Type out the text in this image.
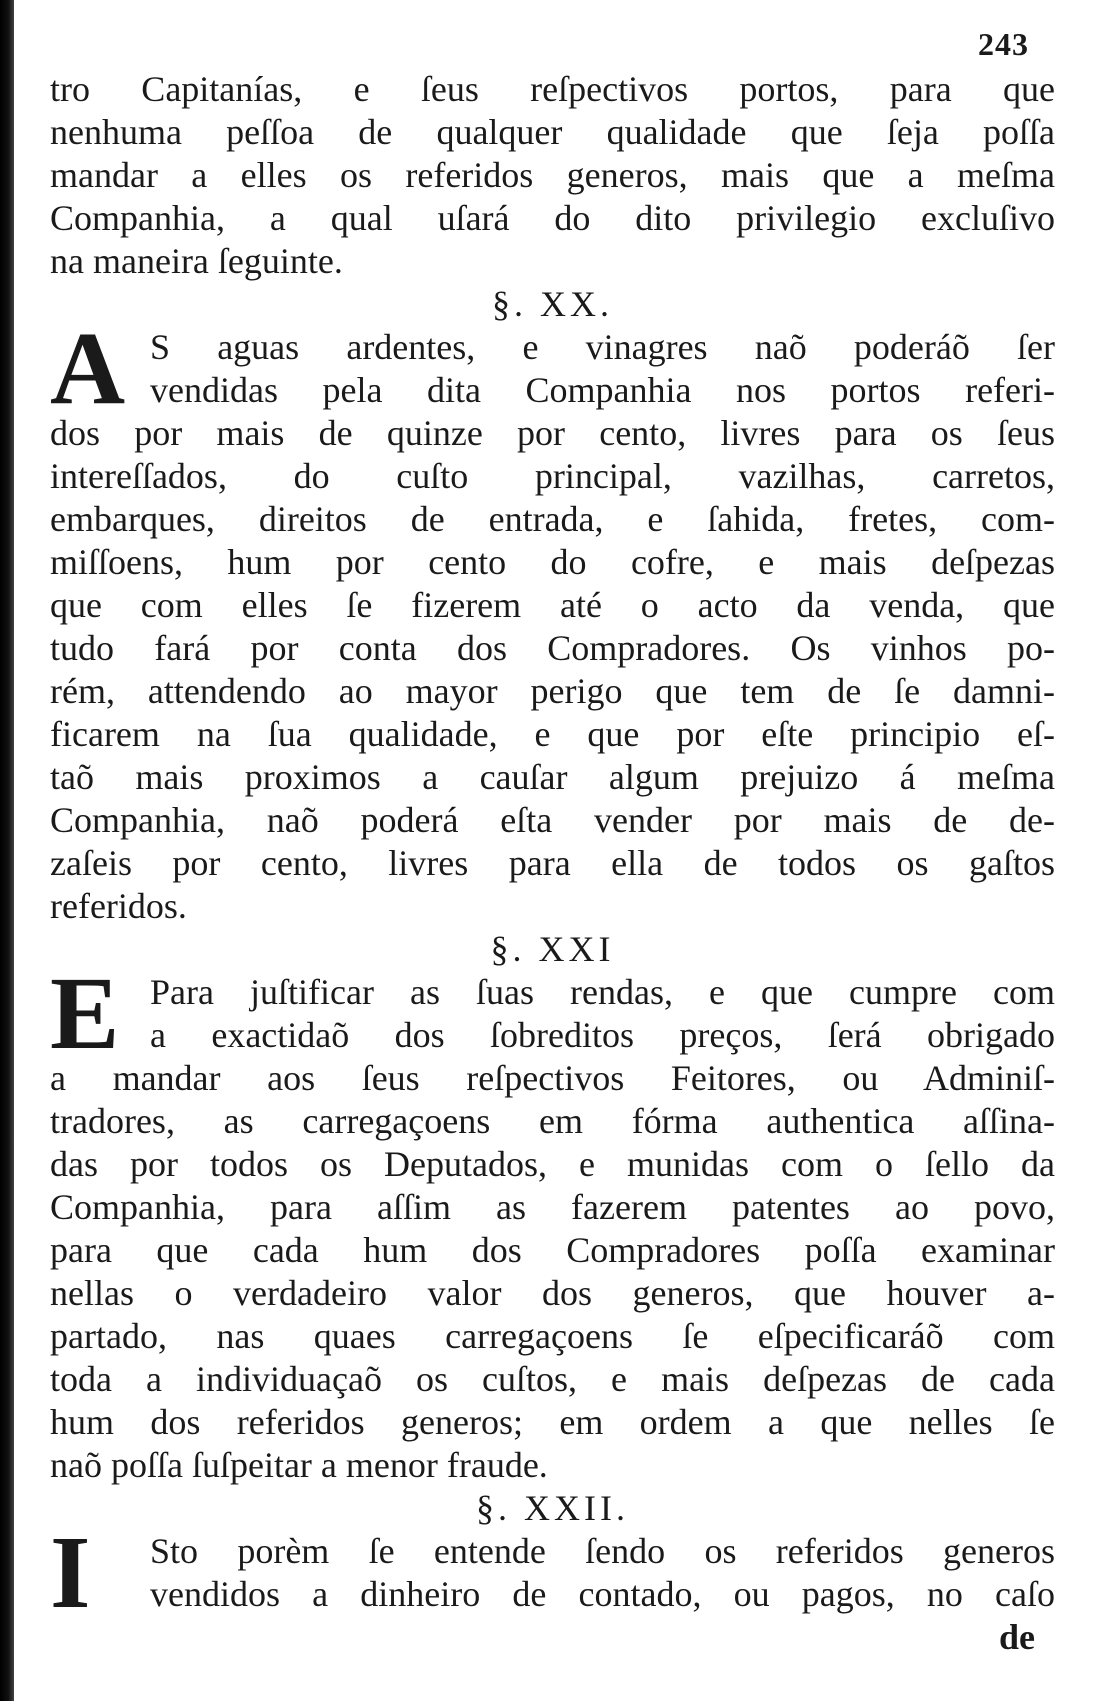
243
tro Capitanías, e ſeus reſpectivos portos, para que
nenhuma peſſoa de qualquer qualidade que ſeja poſſa
mandar a elles os referidos generos, mais que a meſma
Companhia, a qual uſará do dito privilegio excluſivo
na maneira ſeguinte.
§. XX.
A S aguas ardentes, e vinagres naõ poderáõ ſer
vendidas pela dita Companhia nos portos referi-
dos por mais de quinze por cento, livres para os ſeus
intereſſados, do cuſto principal, vazilhas, carretos,
embarques, direitos de entrada, e ſahida, fretes, com-
miſſoens, hum por cento do cofre, e mais deſpezas
que com elles ſe fizerem até o acto da venda, que
tudo fará por conta dos Compradores. Os vinhos po-
rém, attendendo ao mayor perigo que tem de ſe damni-
ficarem na ſua qualidade, e que por eſte principio eſ-
taõ mais proximos a cauſar algum prejuizo á meſma
Companhia, naõ poderá eſta vender por mais de de-
zaſeis por cento, livres para ella de todos os gaſtos
referidos.
§. XXI
E Para juſtificar as ſuas rendas, e que cumpre com
a exactidaõ dos ſobreditos preços, ſerá obrigado
a mandar aos ſeus reſpectivos Feitores, ou Adminiſ-
tradores, as carregaçoens em fórma authentica aſſina-
das por todos os Deputados, e munidas com o ſello da
Companhia, para aſſim as fazerem patentes ao povo,
para que cada hum dos Compradores poſſa examinar
nellas o verdadeiro valor dos generos, que houver a-
partado, nas quaes carregaçoens ſe eſpecificaráõ com
toda a individuaçaõ os cuſtos, e mais deſpezas de cada
hum dos referidos generos; em ordem a que nelles ſe
naõ poſſa ſuſpeitar a menor fraude.
§. XXII.
I	Sto porèm ſe entende ſendo os referidos generos
vendidos a dinheiro de contado, ou pagos, no caſo
de
